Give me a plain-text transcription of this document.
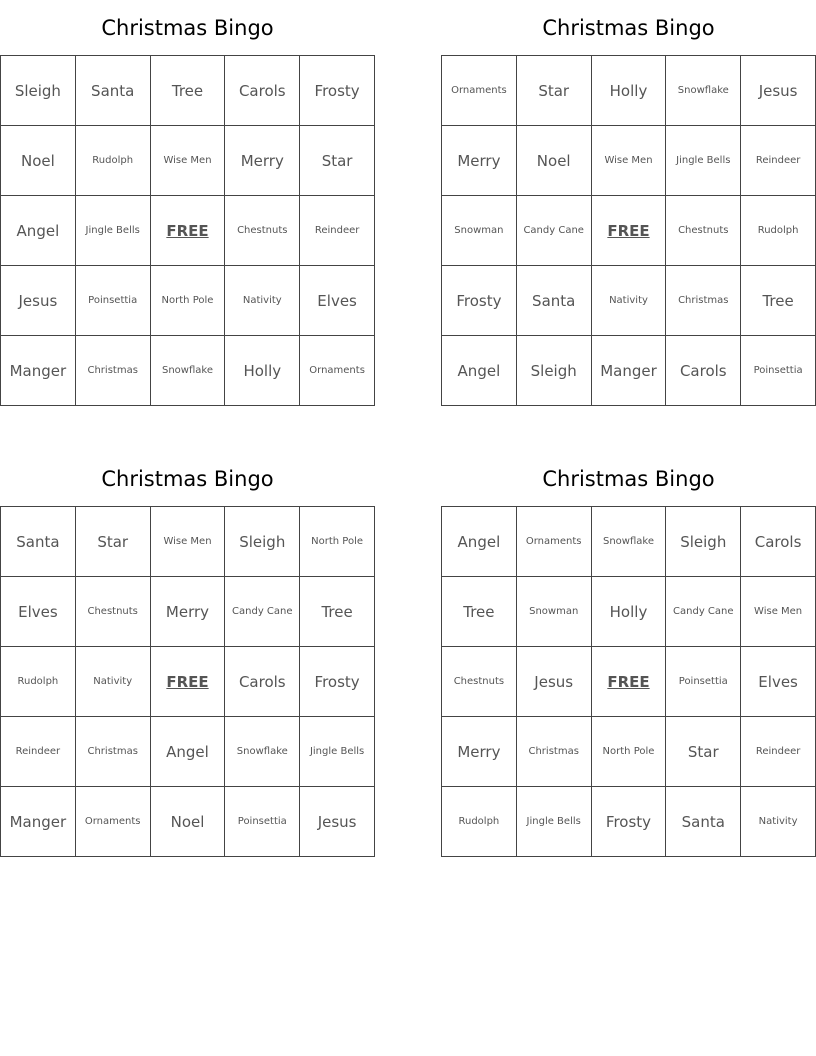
Christmas Bingo
Sleigh	Santa	Tree	Carols	Frosty
Noel	Rudolph	Wise Men	Merry	Star
Angel	Jingle Bells	FREE	Chestnuts	Reindeer
Jesus	Poinsettia	North Pole	Nativity	Elves
Manger	Christmas	Snowflake	Holly	Ornaments
Christmas Bingo
Ornaments	Star	Holly	Snowflake	Jesus
Merry	Noel	Wise Men	Jingle Bells	Reindeer
Snowman	Candy Cane	FREE	Chestnuts	Rudolph
Frosty	Santa	Nativity	Christmas	Tree
Angel	Sleigh	Manger	Carols	Poinsettia
Christmas Bingo
Santa	Star	Wise Men	Sleigh	North Pole
Elves	Chestnuts	Merry	Candy Cane	Tree
Rudolph	Nativity	FREE	Carols	Frosty
Reindeer	Christmas	Angel	Snowflake	Jingle Bells
Manger	Ornaments	Noel	Poinsettia	Jesus
Christmas Bingo
Angel	Ornaments	Snowflake	Sleigh	Carols
Tree	Snowman	Holly	Candy Cane	Wise Men
Chestnuts	Jesus	FREE	Poinsettia	Elves
Merry	Christmas	North Pole	Star	Reindeer
Rudolph	Jingle Bells	Frosty	Santa	Nativity
